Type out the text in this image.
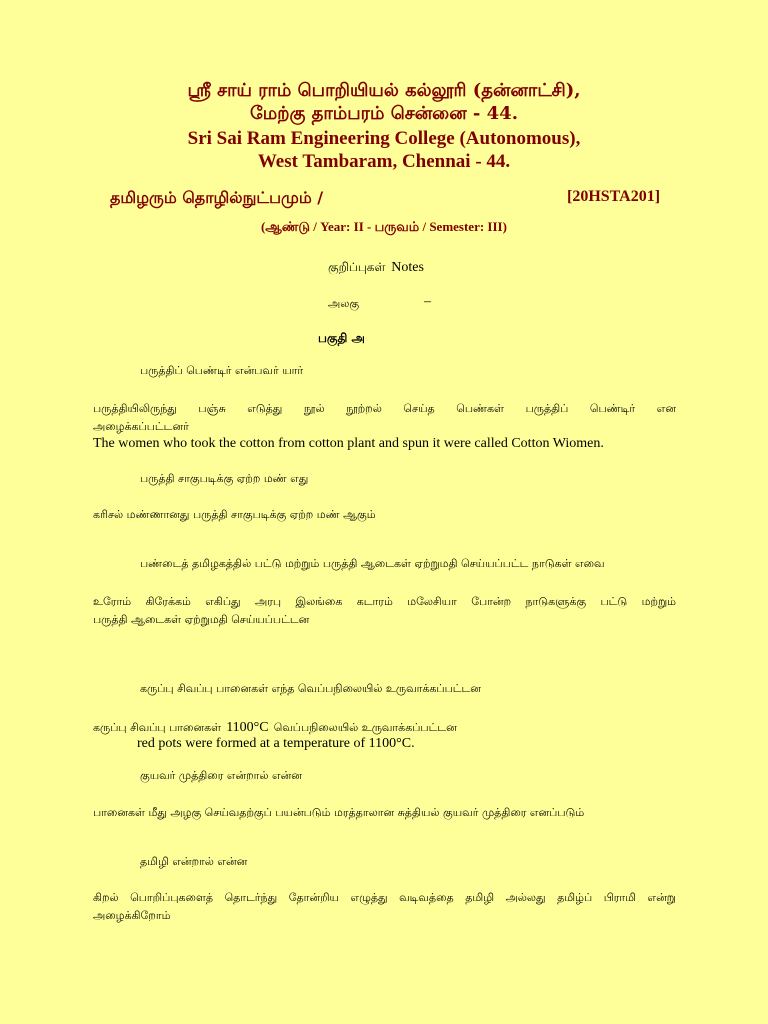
ஸ்ரீ சாய் ராம் பொறியியல் கல்லூரி (தன்னாட்சி),
மேற்கு தாம்பரம் சென்னை - 44.
Sri Sai Ram Engineering College (Autonomous),
West Tambaram, Chennai - 44.
தமிழரும் தொழில்நுட்பமும் /	[20HSTA201]
(ஆண்டு / Year: II - பருவம் / Semester: III)
குறிப்புகள் Notes
அலகு	–
பகுதி அ
பருத்திப் பெண்டிர் என்பவர் யார்
பருத்தியிலிருந்து பஞ்சு எடுத்து நூல் நூற்றல் செய்த பெண்கள் பருத்திப் பெண்டிர் என
அழைக்கப்பட்டனர்
The women who took the cotton from cotton plant and spun it were called Cotton Wiomen.
பருத்தி சாகுபடிக்கு ஏற்ற மண் எது
கரிசல் மண்ணானது பருத்தி சாகுபடிக்கு ஏற்ற மண் ஆகும்
பண்டைத் தமிழகத்தில் பட்டு மற்றும் பருத்தி ஆடைகள் ஏற்றுமதி செய்யப்பட்ட நாடுகள் எவை
உரோம் கிரேக்கம் எகிப்து அரபு இலங்கை கடாரம் மலேசியா போன்ற நாடுகளுக்கு பட்டு மற்றும்
பருத்தி ஆடைகள் ஏற்றுமதி செய்யப்பட்டன
கருப்பு சிவப்பு பானைகள் எந்த வெப்பநிலையில் உருவாக்கப்பட்டன
கருப்பு சிவப்பு பானைகள் 1100°C வெப்பநிலையில் உருவாக்கப்பட்டன
red pots were formed at a temperature of 1100°C.
குயவர் முத்திரை என்றால் என்ன
பானைகள் மீது அழகு செய்வதற்குப் பயன்படும் மரத்தாலான சுத்தியல் குயவர் முத்திரை எனப்படும்
தமிழி என்றால் என்ன
கிறல் பொறிப்புகளைத் தொடர்ந்து தோன்றிய எழுத்து வடிவத்தை தமிழி அல்லது தமிழ்ப் பிராமி என்று
அழைக்கிறோம்
